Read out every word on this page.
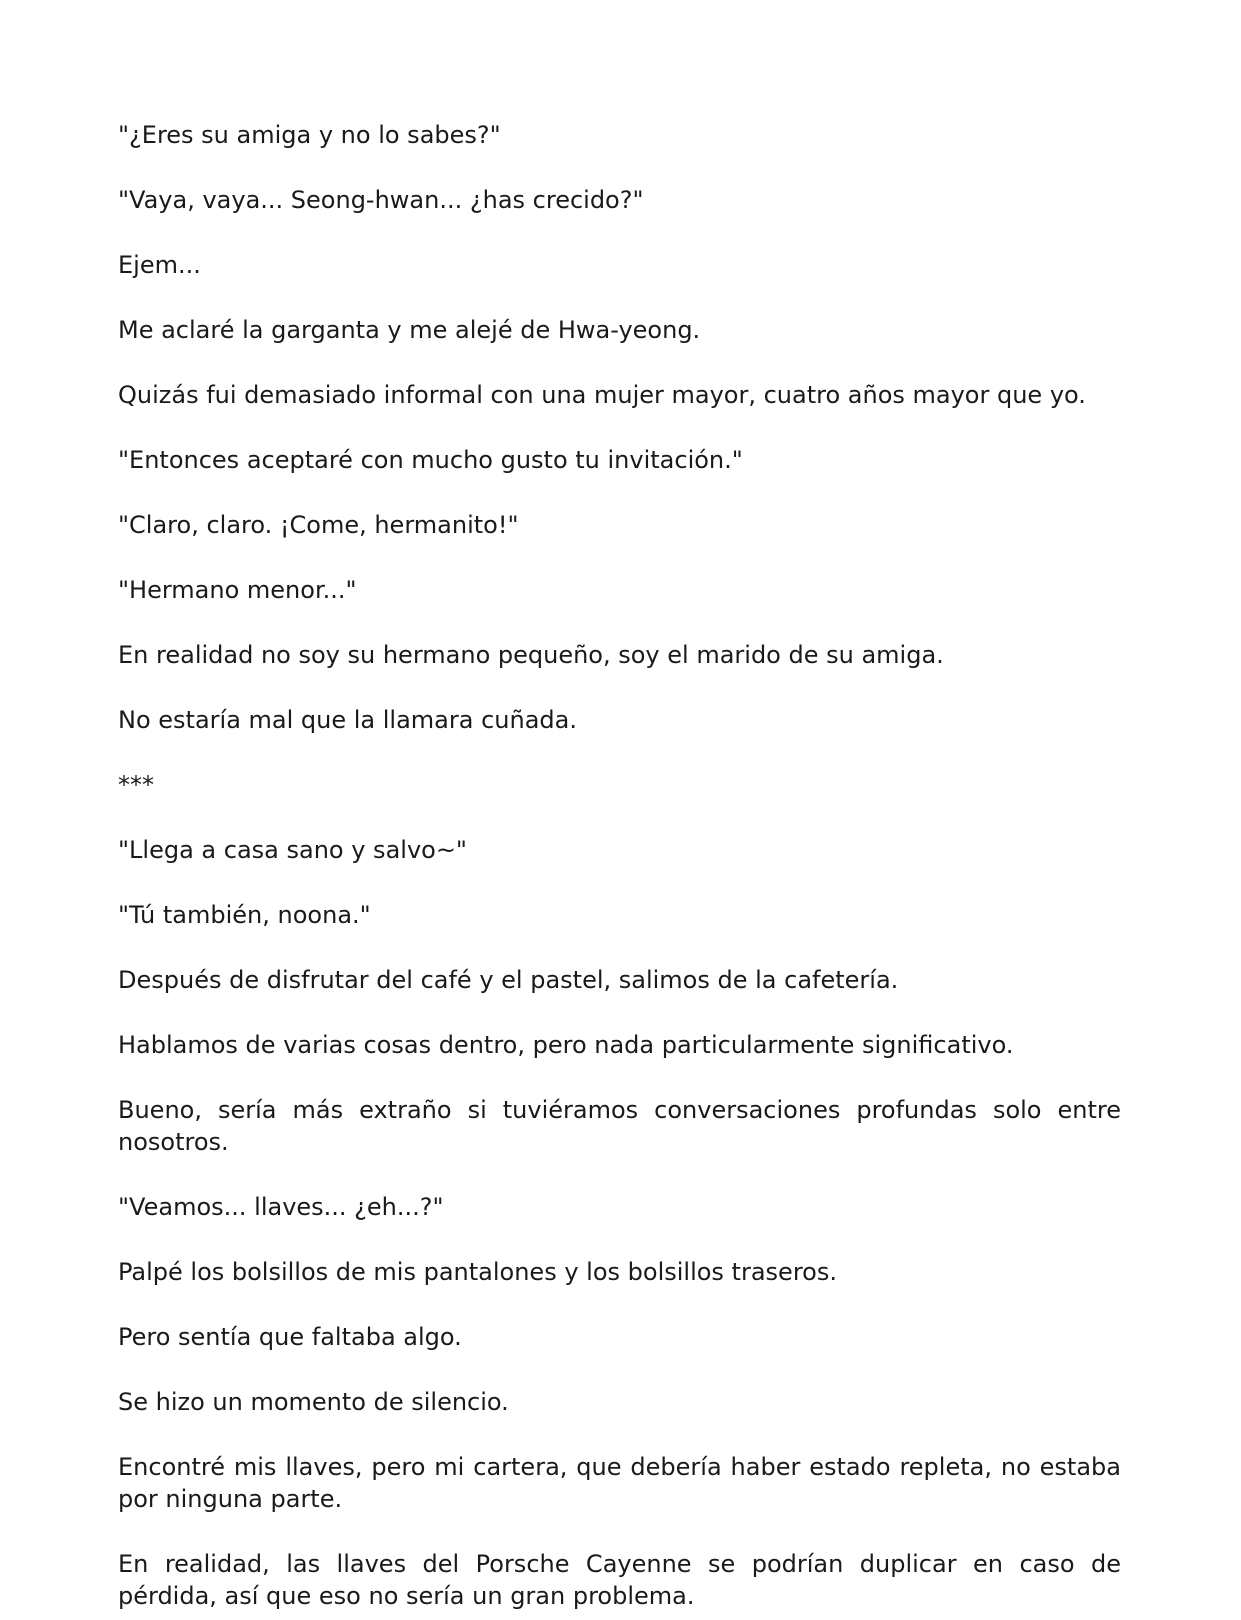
"¿Eres su amiga y no lo sabes?"

"Vaya, vaya... Seong-hwan... ¿has crecido?"

Ejem...

Me aclaré la garganta y me alejé de Hwa-yeong.

Quizás fui demasiado informal con una mujer mayor, cuatro años mayor que yo.

"Entonces aceptaré con mucho gusto tu invitación."

"Claro, claro. ¡Come, hermanito!"

"Hermano menor..."

En realidad no soy su hermano pequeño, soy el marido de su amiga.

No estaría mal que la llamara cuñada.

***

"Llega a casa sano y salvo~"

"Tú también, noona."

Después de disfrutar del café y el pastel, salimos de la cafetería.

Hablamos de varias cosas dentro, pero nada particularmente significativo.

Bueno, sería más extraño si tuviéramos conversaciones profundas solo entre nosotros.

"Veamos... llaves... ¿eh...?"

Palpé los bolsillos de mis pantalones y los bolsillos traseros.

Pero sentía que faltaba algo.

Se hizo un momento de silencio.

Encontré mis llaves, pero mi cartera, que debería haber estado repleta, no estaba por ninguna parte.

En realidad, las llaves del Porsche Cayenne se podrían duplicar en caso de pérdida, así que eso no sería un gran problema.
